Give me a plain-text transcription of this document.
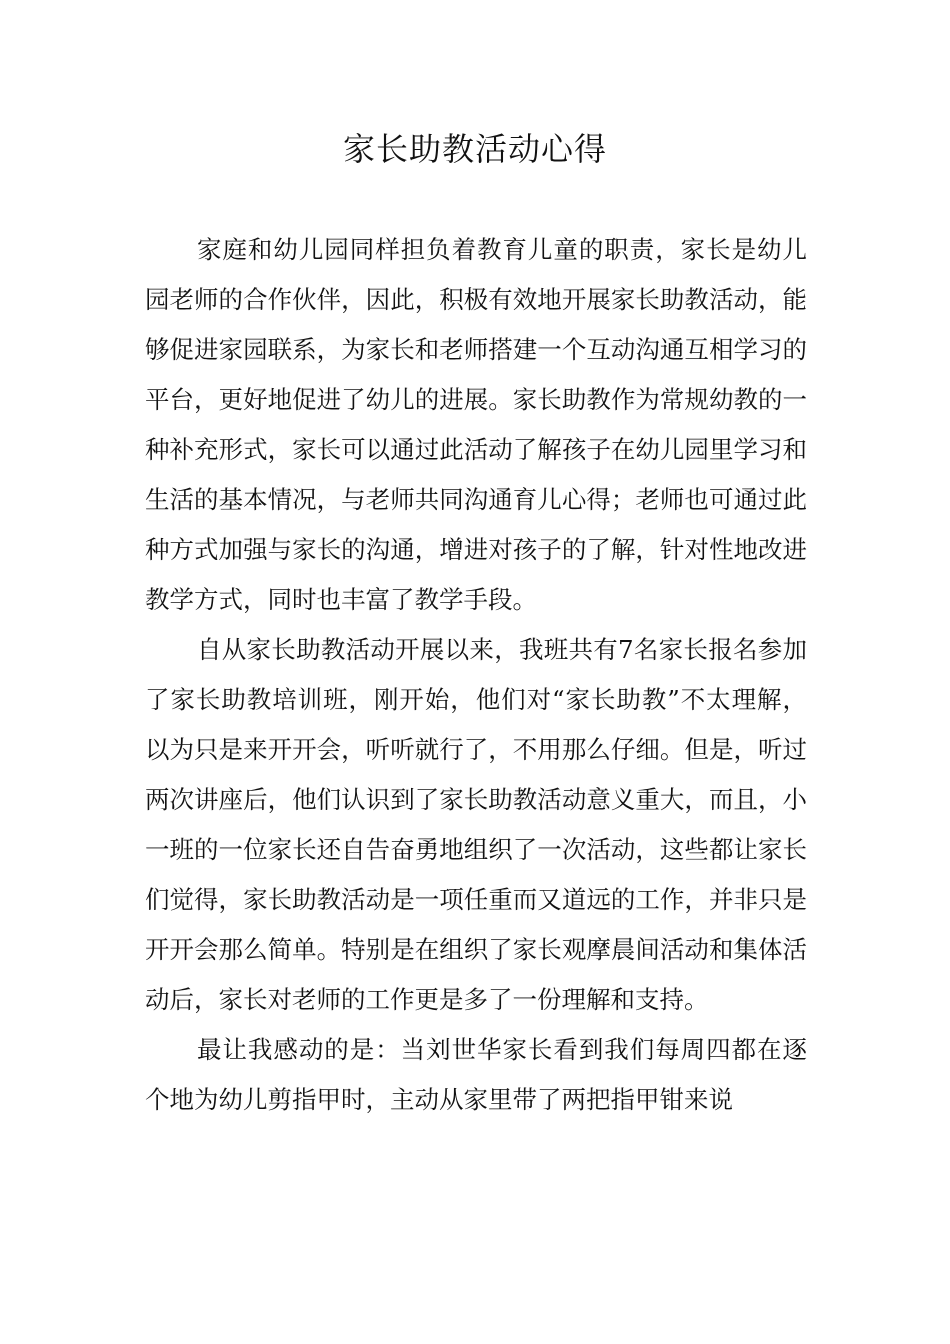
家长助教活动心得

家庭和幼儿园同样担负着教育儿童的职责，家长是幼儿园老师的合作伙伴，因此，积极有效地开展家长助教活动，能够促进家园联系，为家长和老师搭建一个互动沟通互相学习的平台，更好地促进了幼儿的进展。家长助教作为常规幼教的一种补充形式，家长可以通过此活动了解孩子在幼儿园里学习和生活的基本情况，与老师共同沟通育儿心得；老师也可通过此种方式加强与家长的沟通，增进对孩子的了解，针对性地改进教学方式，同时也丰富了教学手段。

自从家长助教活动开展以来，我班共有7名家长报名参加了家长助教培训班，刚开始，他们对“家长助教”不太理解，以为只是来开开会，听听就行了，不用那么仔细。但是，听过两次讲座后，他们认识到了家长助教活动意义重大，而且，小一班的一位家长还自告奋勇地组织了一次活动，这些都让家长们觉得，家长助教活动是一项任重而又道远的工作，并非只是开开会那么简单。特别是在组织了家长观摩晨间活动和集体活动后，家长对老师的工作更是多了一份理解和支持。

最让我感动的是：当刘世华家长看到我们每周四都在逐个地为幼儿剪指甲时，主动从家里带了两把指甲钳来说
